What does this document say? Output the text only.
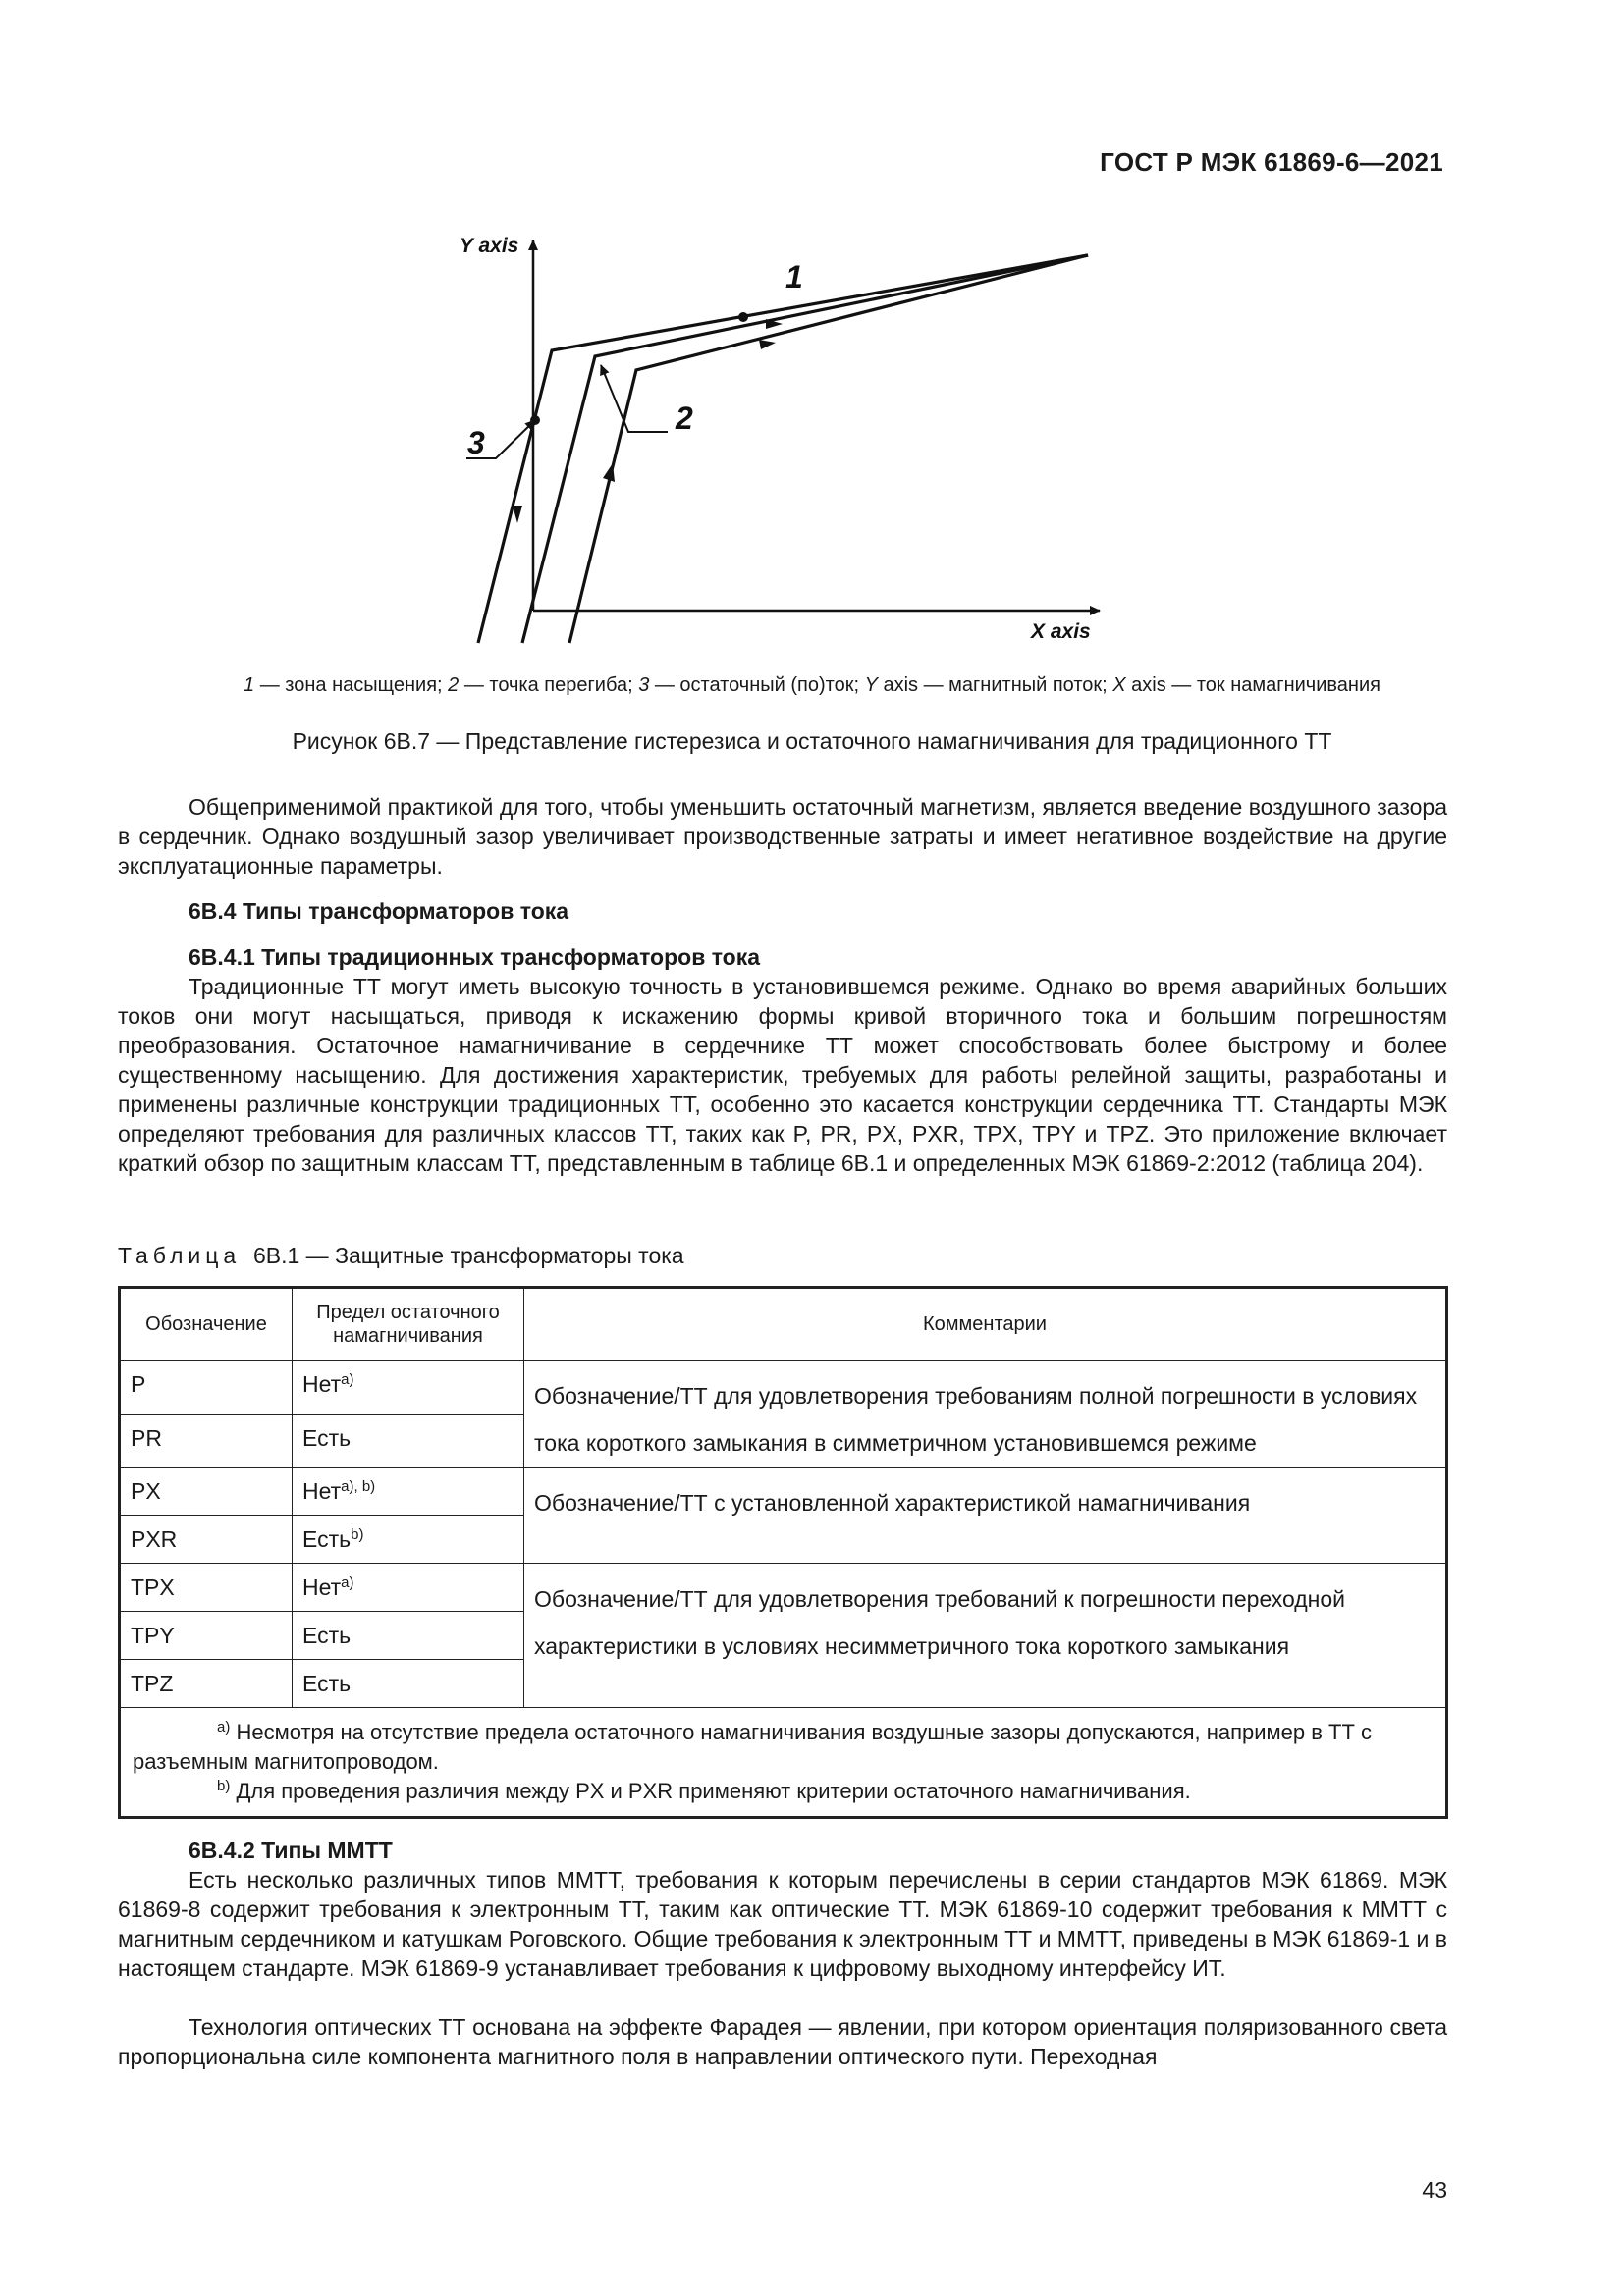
ГОСТ Р МЭК 61869-6—2021
Y axis
X axis
1
2
3
1 — зона насыщения; 2 — точка перегиба; 3 — остаточный (по)ток; Y axis — магнитный поток; X axis — ток намагничивания
Рисунок 6В.7 — Представление гистерезиса и остаточного намагничивания для традиционного ТТ
Общеприменимой практикой для того, чтобы уменьшить остаточный магнетизм, является введение воздушного зазора в сердечник. Однако воздушный зазор увеличивает производственные затраты и имеет негативное воздействие на другие эксплуатационные параметры.
6В.4 Типы трансформаторов тока
6В.4.1 Типы традиционных трансформаторов тока
Традиционные ТТ могут иметь высокую точность в установившемся режиме. Однако во время аварийных больших токов они могут насыщаться, приводя к искажению формы кривой вторичного тока и большим погрешностям преобразования. Остаточное намагничивание в сердечнике ТТ может способствовать более быстрому и более существенному насыщению. Для достижения характеристик, требуемых для работы релейной защиты, разработаны и применены различные конструкции традиционных ТТ, особенно это касается конструкции сердечника ТТ. Стандарты МЭК определяют требования для различных классов ТТ, таких как P, PR, PX, PXR, TPX, TPY и TPZ. Это приложение включает краткий обзор по защитным классам ТТ, представленным в таблице 6В.1 и определенных МЭК 61869-2:2012 (таблица 204).
Таблица 6В.1 — Защитные трансформаторы тока
Обозначение	Предел остаточного намагничивания	Комментарии
P	Нет$^{a)}$	Обозначение/ТТ для удовлетворения требованиям полной погрешности в условиях тока короткого замыкания в симметричном установившемся режиме
PR	Есть	
PX	Нет$^{a), b)}$	Обозначение/ТТ с установленной характеристикой намагничивания
PXR	Есть$^{b)}$
TPX	Нет$^{a)}$	Обозначение/ТТ для удовлетворения требований к погрешности переходной характеристики в условиях несимметричного тока короткого замыкания
TPY	Есть	
TPZ	Есть	

$^{a)}$ Несмотря на отсутствие предела остаточного намагничивания воздушные зазоры допускаются, например в ТТ с разъемным магнитопроводом.
$^{b)}$ Для проведения различия между PX и PXR применяют критерии остаточного намагничивания.		
6В.4.2 Типы ММТТ
Есть несколько различных типов ММТТ, требования к которым перечислены в серии стандартов МЭК 61869. МЭК 61869-8 содержит требования к электронным ТТ, таким как оптические ТТ. МЭК 61869-10 содержит требования к ММТТ с магнитным сердечником и катушкам Роговского. Общие требования к электронным ТТ и ММТТ, приведены в МЭК 61869-1 и в настоящем стандарте. МЭК 61869-9 устанавливает требования к цифровому выходному интерфейсу ИТ.
Технология оптических ТТ основана на эффекте Фарадея — явлении, при котором ориентация поляризованного света пропорциональна силе компонента магнитного поля в направлении оптического пути. Переходная
43
